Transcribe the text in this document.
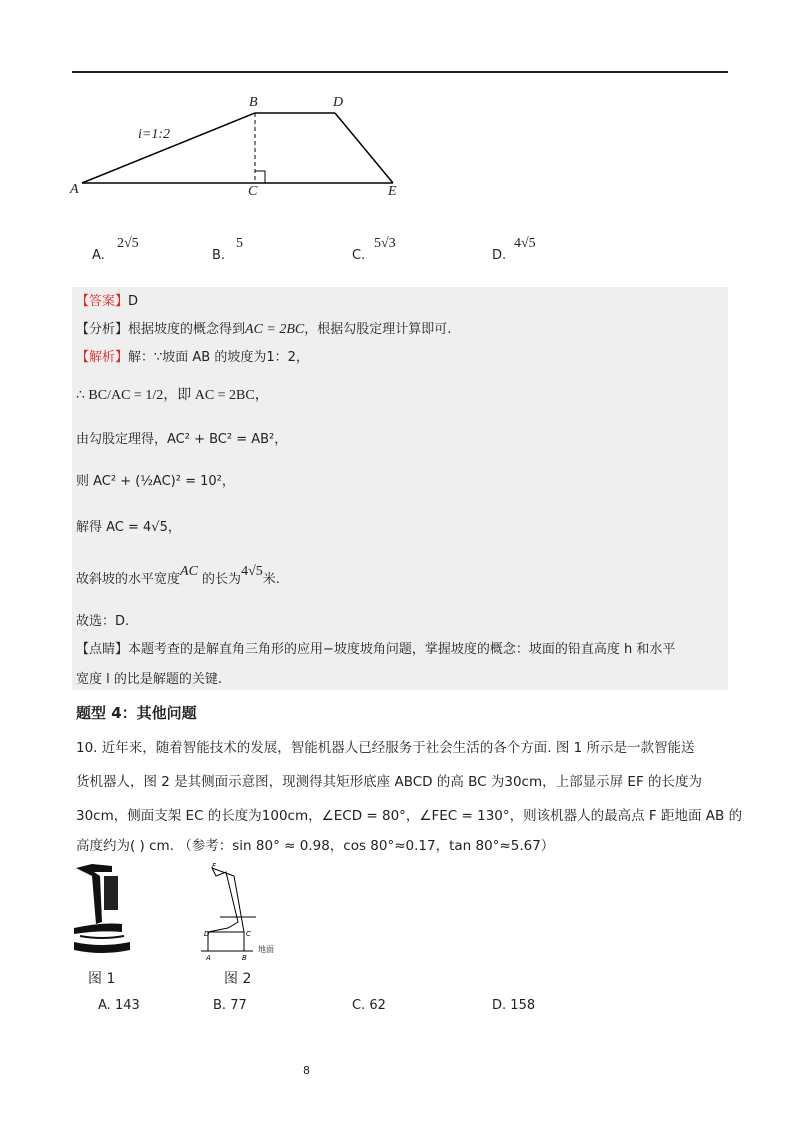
i=1:2
A
B	D
C	E
A.
2√5
B.
5
C.
5√3
D.
4√5
【答案】D
【分析】根据坡度的概念得到AC = 2BC，根据勾股定理计算即可.
【解析】解：∵坡面 AB 的坡度为1：2，
∴ BC/AC = 1/2，即 AC = 2BC，
由勾股定理得，AC² + BC² = AB²，
则 AC² + (½AC)² = 10²，
解得 AC = 4√5，
故斜坡的水平宽度AC 的长为4√5米.
故选：D.
【点睛】本题考查的是解直角三角形的应用−坡度坡角问题，掌握坡度的概念：坡面的铅直高度 h 和水平
宽度 l 的比是解题的关键.
题型 4：其他问题
10. 近年来，随着智能技术的发展，智能机器人已经服务于社会生活的各个方面. 图 1 所示是一款智能送
货机器人，图 2 是其侧面示意图，现测得其矩形底座 ABCD 的高 BC 为30cm，上部显示屏 EF 的长度为
30cm，侧面支架 EC 的长度为100cm，∠ECD = 80°，∠FEC = 130°，则该机器人的最高点 F 距地面 AB 的
高度约为( ) cm. （参考：sin 80° ≈ 0.98，cos 80°≈0.17，tan 80°≈5.67）
F
D	C
A	B
地面
图 1	图 2
A. 143	B. 77	C. 62	D. 158
8
